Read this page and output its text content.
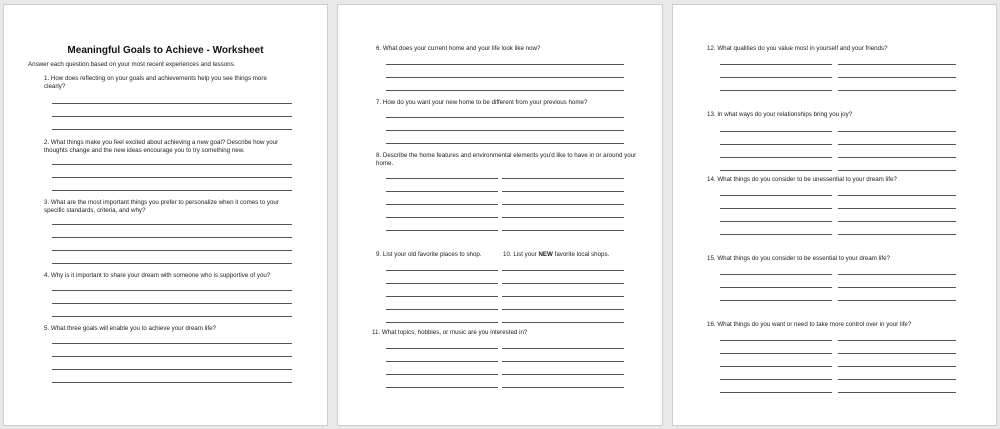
Meaningful Goals to Achieve - Worksheet
Answer each question based on your most recent experiences and lessons.
1. How does reflecting on your goals and achievements help you see things more clearly?
2. What things make you feel excited about achieving a new goal? Describe how your thoughts change and the new ideas encourage you to try something new.
3. What are the most important things you prefer to personalize when it comes to your specific standards, criteria, and why?
4. Why is it important to share your dream with someone who is supportive of you?
5. What three goals will enable you to achieve your dream life?
6. What does your current home and your life look like now?
7. How do you want your new home to be different from your previous home?
8. Describe the home features and environmental elements you'd like to have in or around your home.
9. List your old favorite places to shop.	10. List your NEW favorite local shops.
11. What topics, hobbies, or music are you interested in?
12. What qualities do you value most in yourself and your friends?
13. In what ways do your relationships bring you joy?
14. What things do you consider to be unessential to your dream life?
15. What things do you consider to be essential to your dream life?
16. What things do you want or need to take more control over in your life?
